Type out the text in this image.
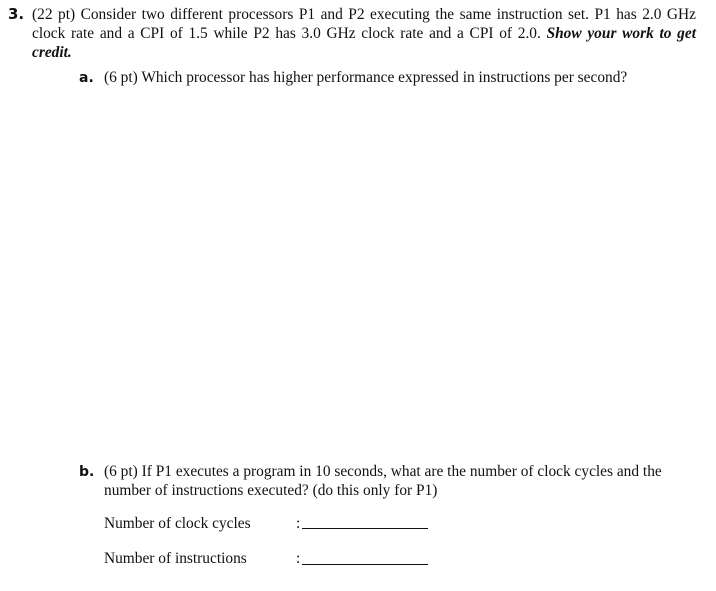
3. (22 pt) Consider two different processors P1 and P2 executing the same instruction set. P1 has 2.0 GHz clock rate and a CPI of 1.5 while P2 has 3.0 GHz clock rate and a CPI of 2.0. Show your work to get credit.
a. (6 pt) Which processor has higher performance expressed in instructions per second?
b. (6 pt) If P1 executes a program in 10 seconds, what are the number of clock cycles and the
number of instructions executed? (do this only for P1)
Number of clock cycles	:
Number of instructions	:
